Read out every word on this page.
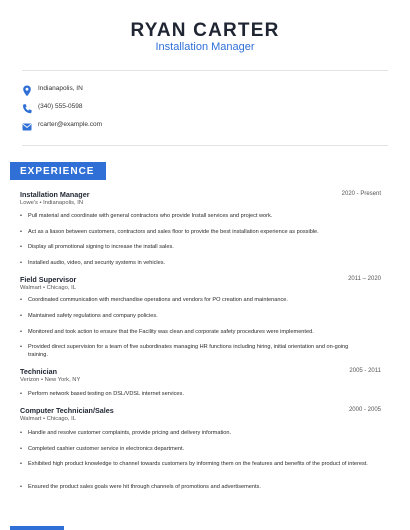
RYAN CARTER
Installation Manager
Indianapolis, IN
(340) 555-0598
rcarter@example.com
EXPERIENCE
Installation Manager	2020 - Present
Lowe's • Indianapolis, IN
• Pull material and coordinate with general contractors who provide Install services and project work.
• Act as a liason between customers, contractors and sales floor to provide the best installation experience as possible.
• Display all promotional signing to increase the install sales.
• Installed audio, video, and security systems in vehicles.
Field Supervisor	2011 – 2020
Walmart • Chicago, IL
• Coordinated communication with merchandise operations and vendors for PO creation and maintenance.
• Maintained safety regulations and company policies.
• Monitored and took action to ensure that the Facility was clean and corporate safety procedures were implemented.
• Provided direct supervision for a team of five subordinates managing HR functions including hiring, initial orientation and on-going training.
Technician	2005 - 2011
Verizon • New York, NY
• Perform network based testing on DSL/VDSL internet services.
Computer Technician/Sales	2000 - 2005
Walmart • Chicago, IL
• Handle and resolve customer complaints, provide pricing and delivery information.
• Completed cashier customer service in electronics department.
• Exhibited high product knowledge to channel towards customers by informing them on the features and benefits of the product of interest.
• Ensured the product sales goals were hit through channels of promotions and advertisements.
